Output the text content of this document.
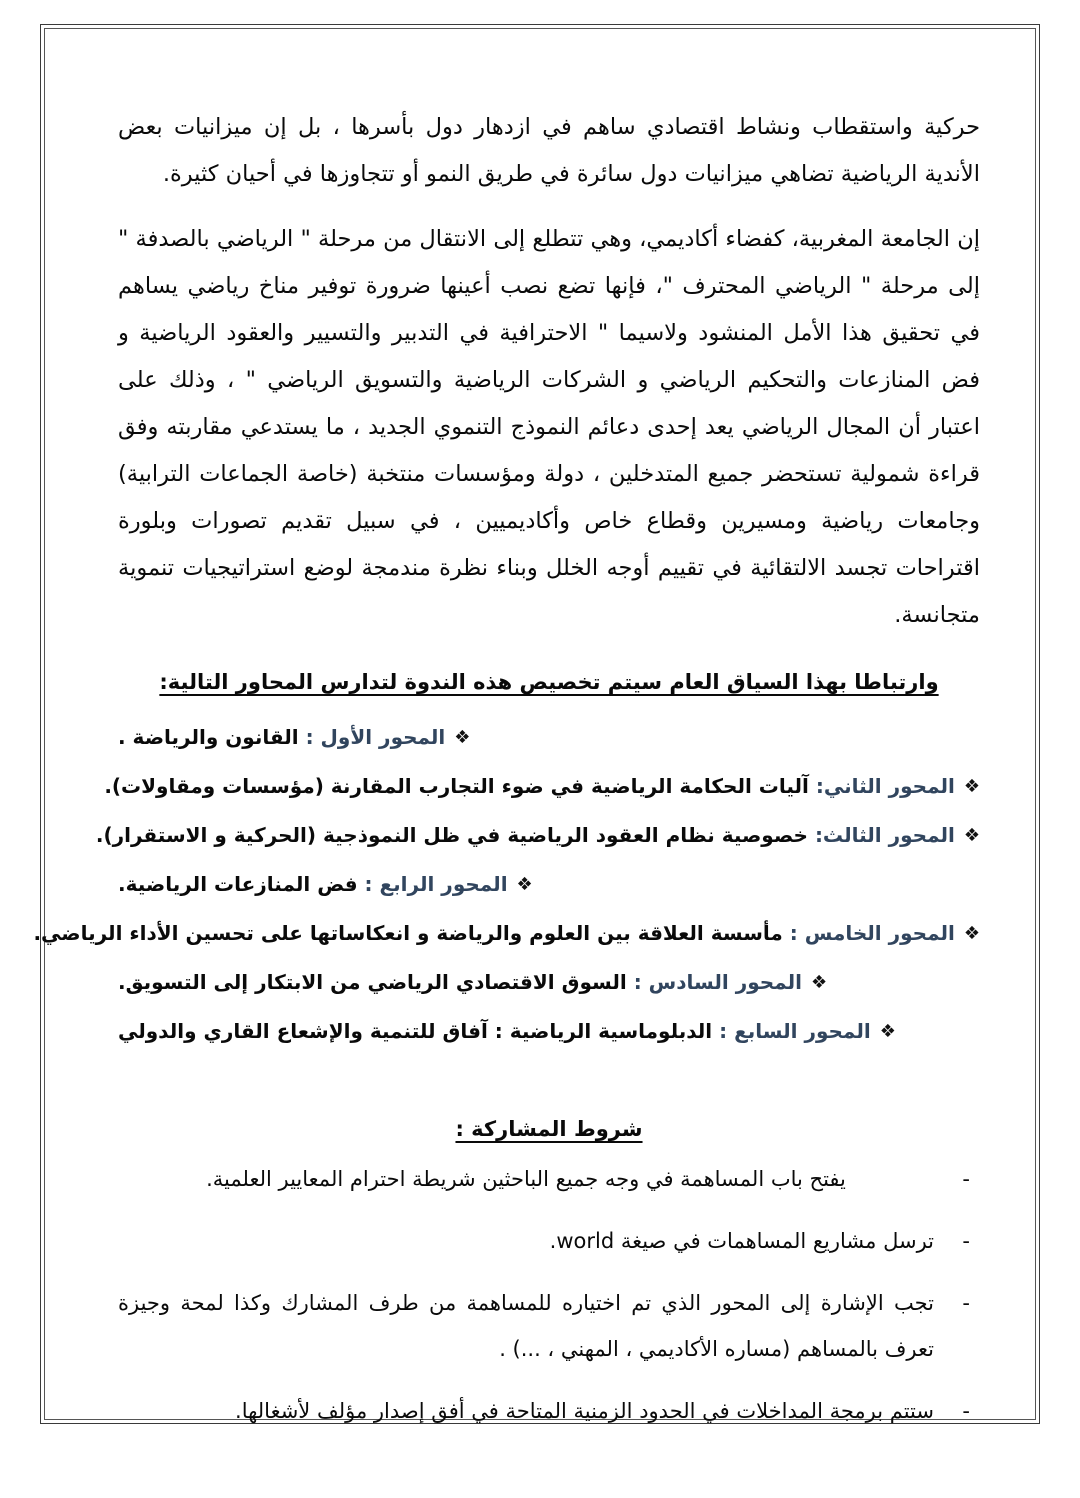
حركية واستقطاب ونشاط اقتصادي ساهم في ازدهار دول بأسرها ، بل إن ميزانيات بعض الأندية الرياضية تضاهي ميزانيات دول سائرة في طريق النمو أو تتجاوزها في أحيان كثيرة.

إن الجامعة المغربية، كفضاء أكاديمي، وهي تتطلع إلى الانتقال من مرحلة " الرياضي بالصدفة " إلى مرحلة " الرياضي المحترف "، فإنها تضع نصب أعينها ضرورة توفير مناخ رياضي يساهم في تحقيق هذا الأمل المنشود ولاسيما " الاحترافية في التدبير والتسيير والعقود الرياضية و فض المنازعات والتحكيم الرياضي و الشركات الرياضية والتسويق الرياضي " ، وذلك على اعتبار أن المجال الرياضي يعد إحدى دعائم النموذج التنموي الجديد ، ما يستدعي مقاربته وفق قراءة شمولية تستحضر جميع المتدخلين ، دولة ومؤسسات منتخبة (خاصة الجماعات الترابية) وجامعات رياضية ومسيرين وقطاع خاص وأكاديميين ، في سبيل تقديم تصورات وبلورة اقتراحات تجسد الالتقائية في تقييم أوجه الخلل وبناء نظرة مندمجة لوضع استراتيجيات تنموية متجانسة.

وارتباطا بهذا السياق العام سيتم تخصيص هذه الندوة لتدارس المحاور التالية:
❖المحور الأول : القانون والرياضة .
❖المحور الثاني: آليات الحكامة الرياضية في ضوء التجارب المقارنة (مؤسسات ومقاولات).
❖المحور الثالث: خصوصية نظام العقود الرياضية في ظل النموذجية (الحركية و الاستقرار).
❖المحور الرابع : فض المنازعات الرياضية.
❖المحور الخامس : مأسسة العلاقة بين العلوم والرياضة و انعكاساتها على تحسين الأداء الرياضي.
❖المحور السادس : السوق الاقتصادي الرياضي من الابتكار إلى التسويق.
❖المحور السابع : الدبلوماسية الرياضية : آفاق للتنمية والإشعاع القاري والدولي
شروط المشاركة :
-
يفتح باب المساهمة في وجه جميع الباحثين شريطة احترام المعايير العلمية.
-
ترسل مشاريع المساهمات في صيغة world.
-
تجب الإشارة إلى المحور الذي تم اختياره للمساهمة من طرف المشارك وكذا لمحة وجيزة تعرف بالمساهم (مساره الأكاديمي ، المهني ، ...) .
-
ستتم برمجة المداخلات في الحدود الزمنية المتاحة في أفق إصدار مؤلف لأشغالها.
